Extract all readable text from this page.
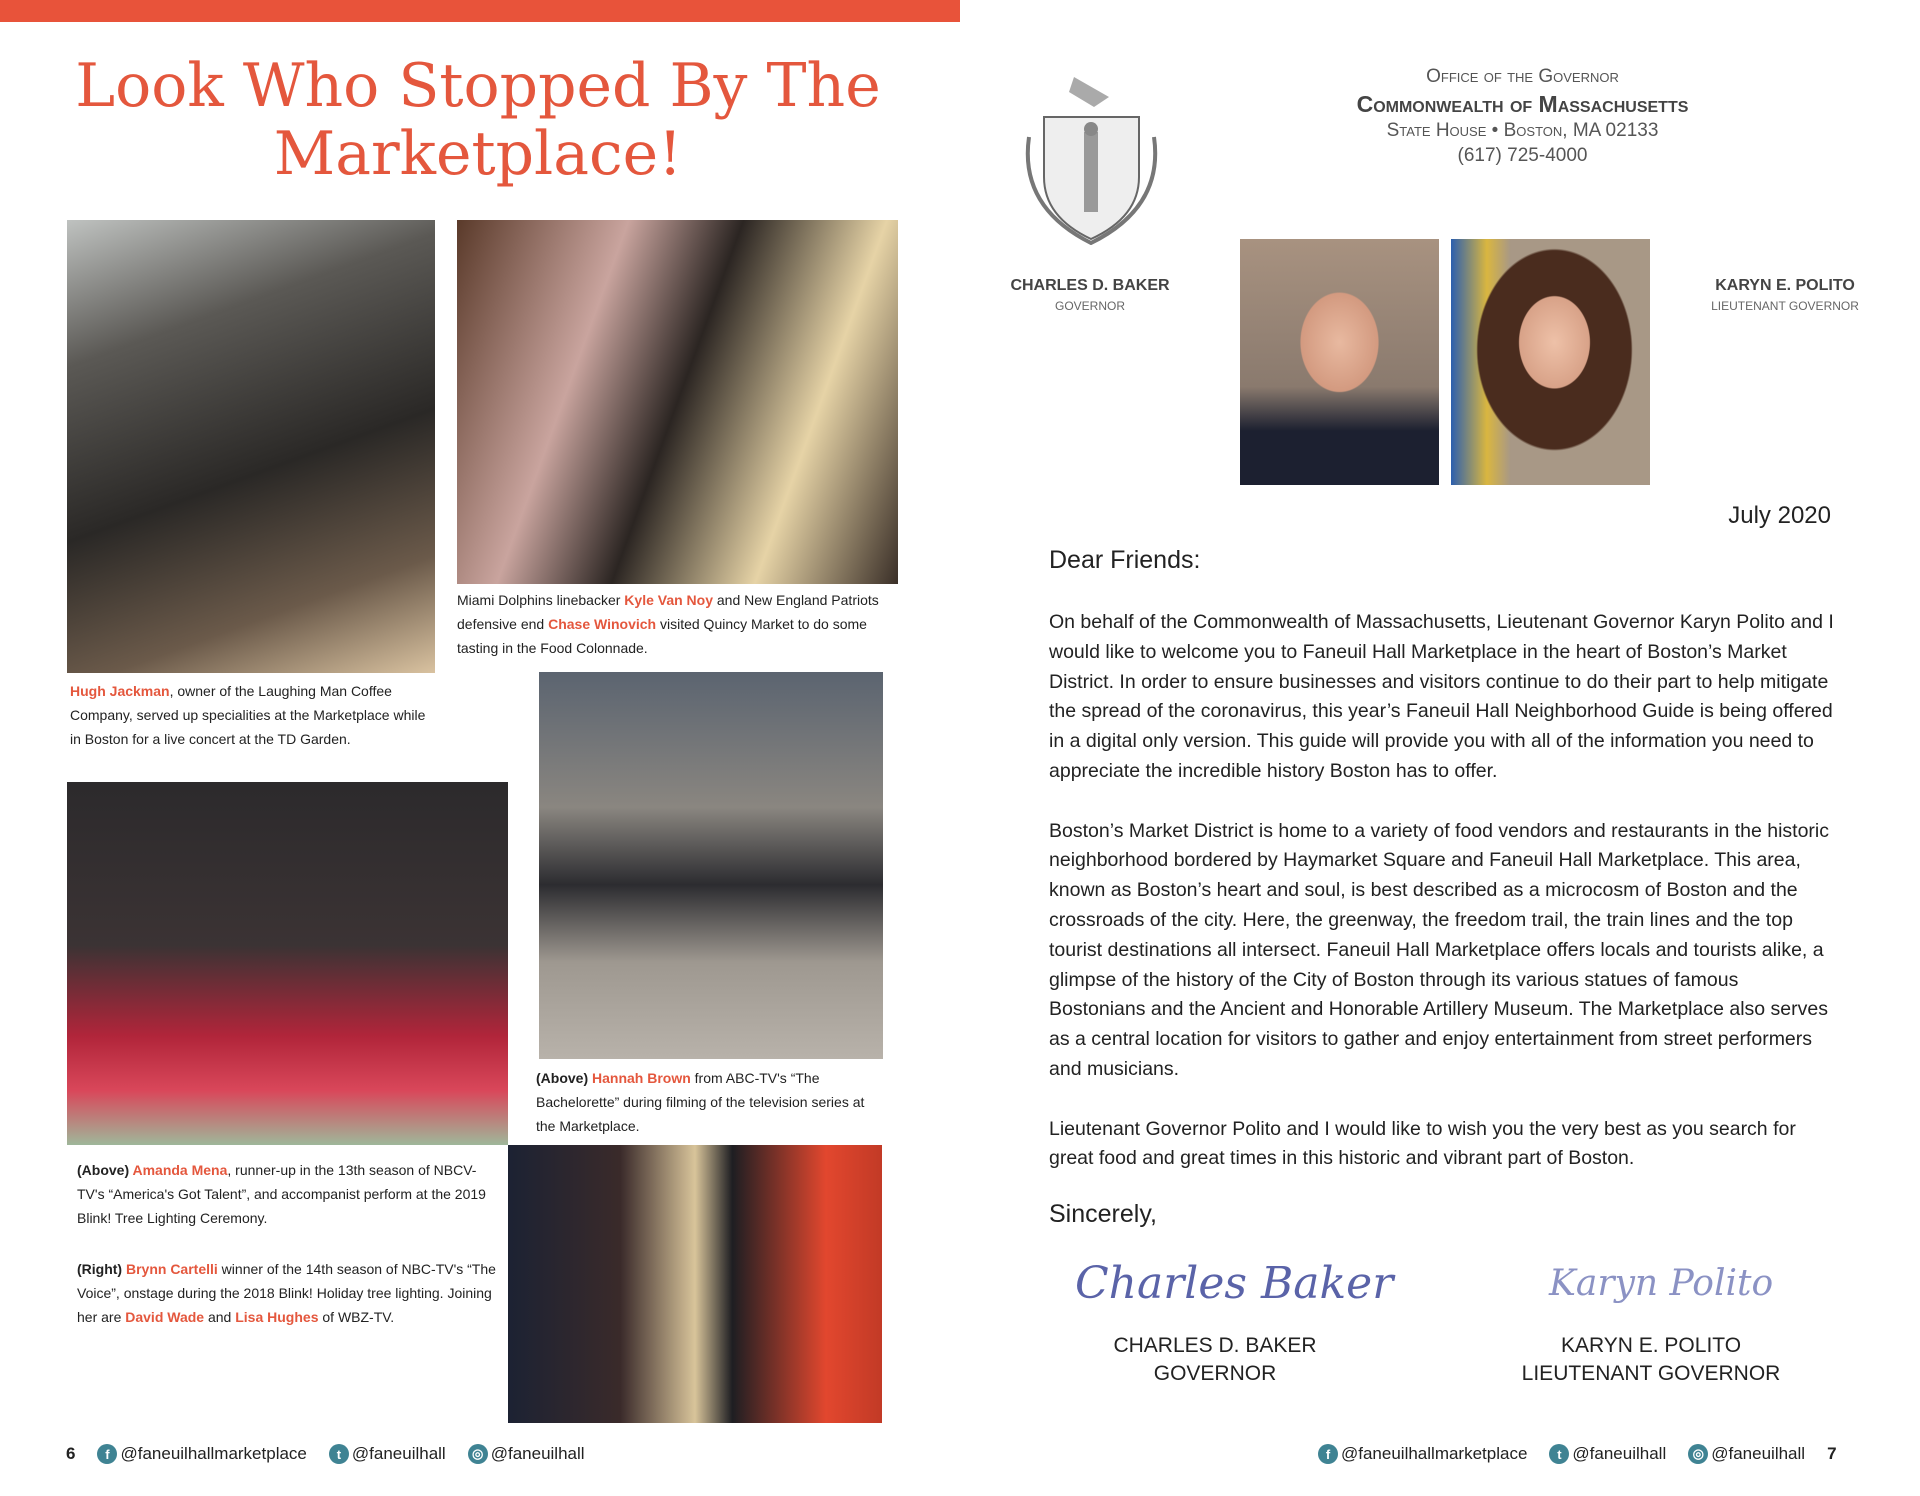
Look Who Stopped By The
Marketplace!
Miami Dolphins linebacker Kyle Van Noy and New England Patriots defensive end Chase Winovich visited Quincy Market to do some tasting in the Food Colonnade.
Hugh Jackman, owner of the Laughing Man Coffee Company, served up specialities at the Marketplace while in Boston for a live concert at the TD Garden.
(Above) Hannah Brown from ABC-TV's “The Bachelorette” during filming of the television series at the Marketplace.
(Above) Amanda Mena, runner-up in the 13th season of NBCV-TV's “America's Got Talent”, and accompanist perform at the 2019 Blink! Tree Lighting Ceremony.
(Right) Brynn Cartelli winner of the 14th season of NBC-TV's “The Voice”, onstage during the 2018 Blink! Holiday tree lighting. Joining her are David Wade and Lisa Hughes of WBZ-TV.
6	f @faneuilhallmarketplace	t @faneuilhall	◎ @faneuilhall
Office of the Governor
Commonwealth of Massachusetts
State House • Boston, MA 02133
(617) 725-4000
CHARLES D. BAKER
GOVERNOR
KARYN E. POLITO
LIEUTENANT GOVERNOR
July 2020
Dear Friends:

On behalf of the Commonwealth of Massachusetts, Lieutenant Governor Karyn Polito and I would like to welcome you to Faneuil Hall Marketplace in the heart of Boston’s Market District. In order to ensure businesses and visitors continue to do their part to help mitigate the spread of the coronavirus, this year’s Faneuil Hall Neighborhood Guide is being offered in a digital only version. This guide will provide you with all of the information you need to appreciate the incredible history Boston has to offer.

Boston’s Market District is home to a variety of food vendors and restaurants in the historic neighborhood bordered by Haymarket Square and Faneuil Hall Marketplace. This area, known as Boston’s heart and soul, is best described as a microcosm of Boston and the crossroads of the city. Here, the greenway, the freedom trail, the train lines and the top tourist destinations all intersect. Faneuil Hall Marketplace offers locals and tourists alike, a glimpse of the history of the City of Boston through its various statues of famous Bostonians and the Ancient and Honorable Artillery Museum. The Marketplace also serves as a central location for visitors to gather and enjoy entertainment from street performers and musicians.

Lieutenant Governor Polito and I would like to wish you the very best as you search for great food and great times in this historic and vibrant part of Boston.

Sincerely,
Charles Baker	Karyn Polito
CHARLES D. BAKER
GOVERNOR
KARYN E. POLITO
LIEUTENANT GOVERNOR
f @faneuilhallmarketplace	t @faneuilhall	◎ @faneuilhall 7
